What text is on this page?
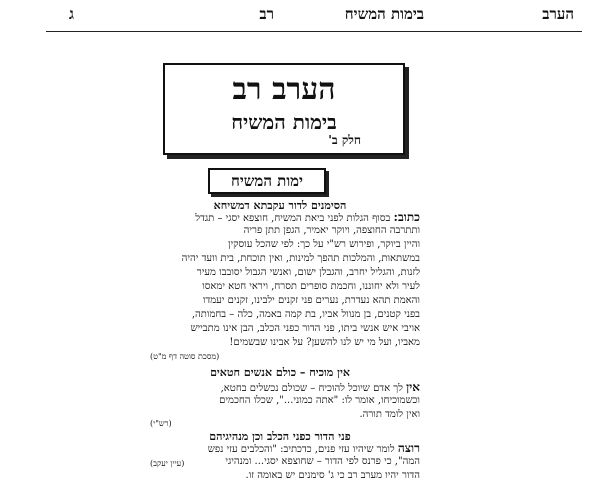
הערב
בימות המשיח
רב
ג
הערב רב
בימות המשיח
חלק ב'
ימות המשיח
הסימנים לדור עקבתא דמשיחא
כתוב: בסוף הגלות לפני ביאת המשיח, חוצפא יסגי – תגדל
ותתרבה החוצפה, ויוקר יאמיר, הגפן תתן פריה
והיין ביוקר, ופירוש רש"י על כך: לפי שהכל עוסקין
במשתאות, והמלכות תהפך למינות, ואין תוכחת, בית וועד יהיה
לזנות, והגליל יחרב, והגבלן ישום, ואנשי הגבול יסובבו מעיר
לעיר ולא יחוננו, וחכמת סופרים תסרח, ויראי חטא ימאסו
והאמת תהא נעדרת, נערים פני זקנים ילבינו, זקנים יעמדו
בפני קטנים, בן מנוול אביו, בת קמה באמה, כלה – בחמותה,
אויבי איש אנשי ביתו, פני הדור כפני הכלב, הבן אינו מתבייש
מאביו, ועל מי יש לנו להשען? על אבינו שבשמים!
(מסכת סוטה דף מ"ט)
אין מוכיח – כולם אנשים חטאים
אין לך אדם שיוכל להוכיח – שכולם נכשלים בחטא,
וכשמוכיחו, אומר לו: "אתה כמוני...", שכלו החכמים
ואין לומד תורה.
(רש"י)
פני הדור כפני הכלב וכן מנהיגיהם
רוצה לומר שיהיו עזי פנים, כדכתיב: "והכלבים עזי נפש
המה", כי פרנס לפי הדור – שחוצפא יסגי... ומנהיגי
הדור יהיו מערב רב כי ג' סימנים יש באומה זו.
(עיין יעקב)
